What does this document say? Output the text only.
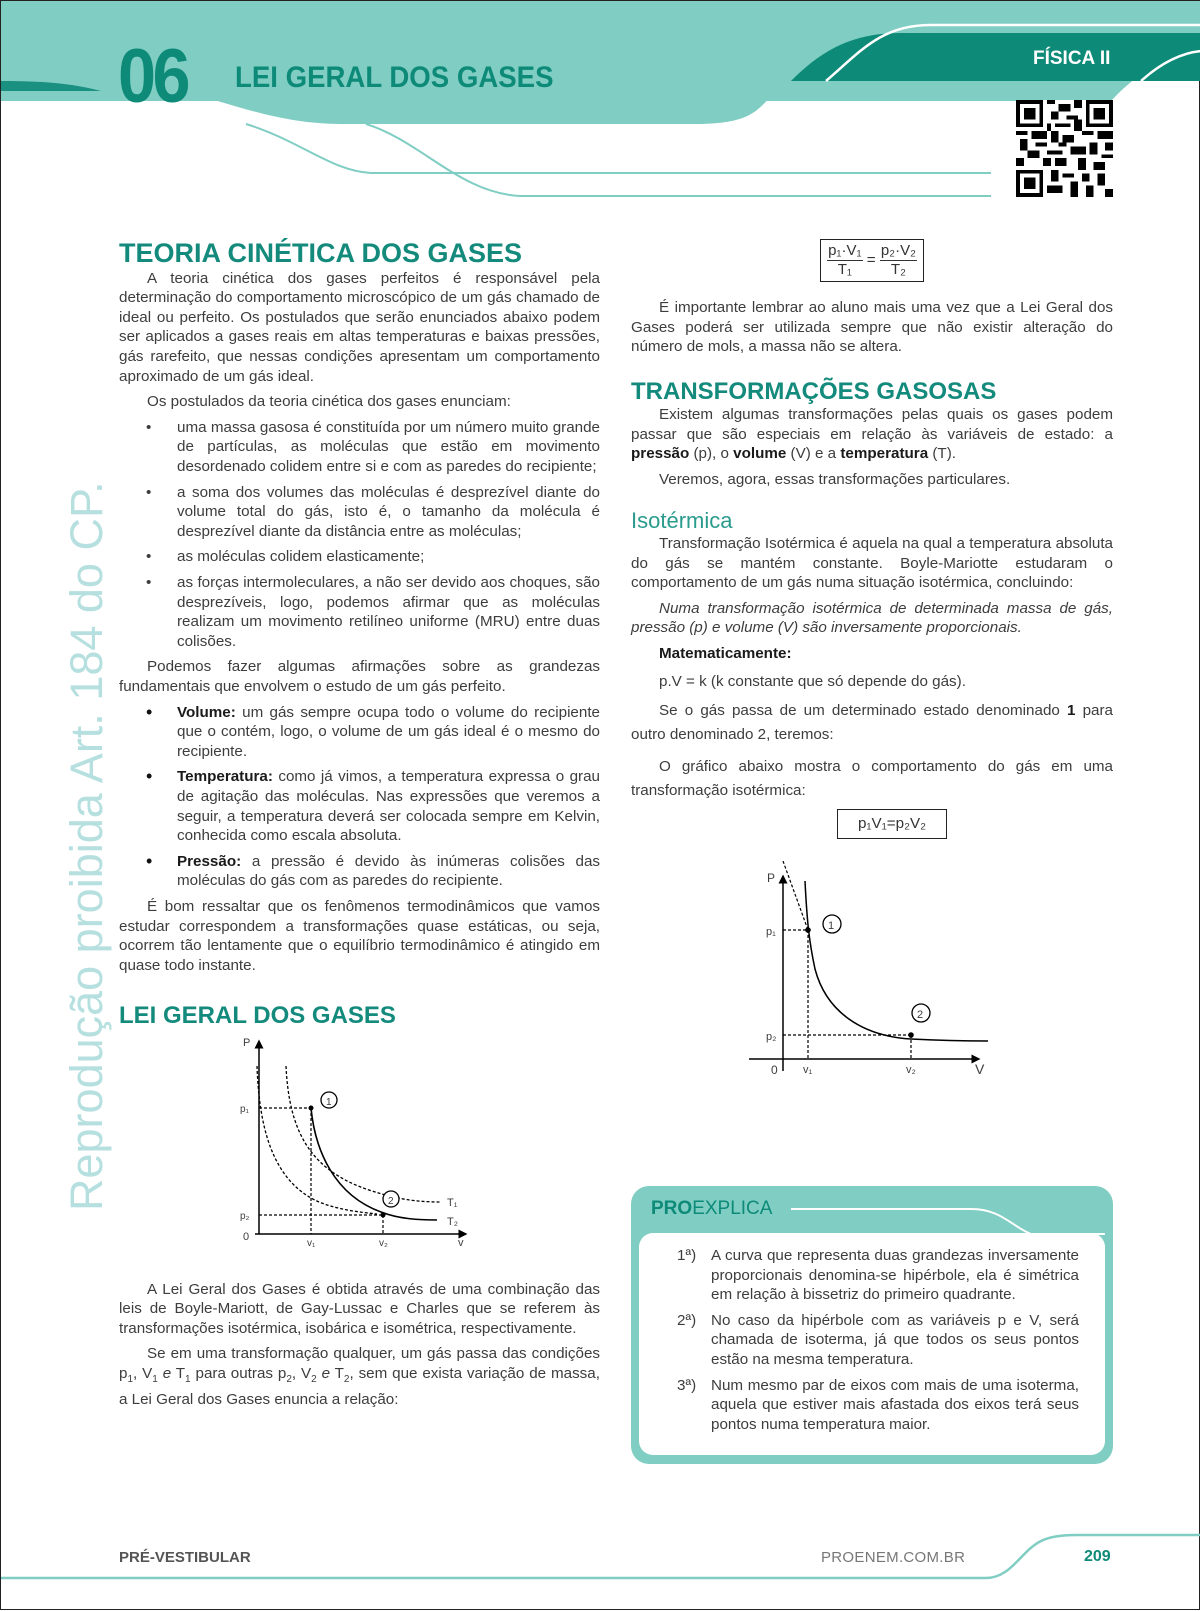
06 LEI GERAL DOS GASES
FÍSICA II
Reprodução proibida Art. 184 do CP.
TEORIA CINÉTICA DOS GASES

A teoria cinética dos gases perfeitos é responsável pela determinação do comportamento microscópico de um gás chamado de ideal ou perfeito. Os postulados que serão enunciados abaixo podem ser aplicados a gases reais em altas temperaturas e baixas pressões, gás rarefeito, que nessas condições apresentam um comportamento aproximado de um gás ideal.

Os postulados da teoria cinética dos gases enunciam:

• uma massa gasosa é constituída por um número muito grande de partículas, as moléculas que estão em movimento desordenado colidem entre si e com as paredes do recipiente;
• a soma dos volumes das moléculas é desprezível diante do volume total do gás, isto é, o tamanho da molécula é desprezível diante da distância entre as moléculas;
• as moléculas colidem elasticamente;
• as forças intermoleculares, a não ser devido aos choques, são desprezíveis, logo, podemos afirmar que as moléculas realizam um movimento retilíneo uniforme (MRU) entre duas colisões.

Podemos fazer algumas afirmações sobre as grandezas fundamentais que envolvem o estudo de um gás perfeito.

• Volume: um gás sempre ocupa todo o volume do recipiente que o contém, logo, o volume de um gás ideal é o mesmo do recipiente.
• Temperatura: como já vimos, a temperatura expressa o grau de agitação das moléculas. Nas expressões que veremos a seguir, a temperatura deverá ser colocada sempre em Kelvin, conhecida como escala absoluta.
• Pressão: a pressão é devido às inúmeras colisões das moléculas do gás com as paredes do recipiente.

É bom ressaltar que os fenômenos termodinâmicos que vamos estudar correspondem a transformações quase estáticas, ou seja, ocorrem tão lentamente que o equilíbrio termodinâmico é atingido em quase todo instante.

LEI GERAL DOS GASES
P
p₁
p₂
0
v₁	v₂	v
T₁
T₂
1
2

A Lei Geral dos Gases é obtida através de uma combinação das leis de Boyle-Mariott, de Gay-Lussac e Charles que se referem às transformações isotérmica, isobárica e isométrica, respectivamente.

Se em uma transformação qualquer, um gás passa das condições $p_1$, $V_1$ e $T_1$ para outras $p_2$, $V_2$ e $T_2$, sem que exista variação de massa, a Lei Geral dos Gases enuncia a relação:

$\frac{\text{p₁·V₁}}{\text{T₁}} = \frac{\text{p₂·V₂}}{\text{T₂}}$

É importante lembrar ao aluno mais uma vez que a Lei Geral dos Gases poderá ser utilizada sempre que não existir alteração do número de mols, a massa não se altera.

TRANSFORMAÇÕES GASOSAS

Existem algumas transformações pelas quais os gases podem passar que são especiais em relação às variáveis de estado: a pressão (p), o volume (V) e a temperatura (T).

Veremos, agora, essas transformações particulares.

Isotérmica

Transformação Isotérmica é aquela na qual a temperatura absoluta do gás se mantém constante. Boyle-Mariotte estudaram o comportamento de um gás numa situação isotérmica, concluindo:

Numa transformação isotérmica de determinada massa de gás, pressão (p) e volume (V) são inversamente proporcionais.

Matematicamente:

p.V = k (k constante que só depende do gás).

Se o gás passa de um determinado estado denominado 1 para outro denominado 2, teremos:

O gráfico abaixo mostra o comportamento do gás em uma transformação isotérmica:

p₁V₁=p₂V₂
P
p₁
p₂
0 v₁	v₂	V
1
2
PROEXPLICA
1ª) A curva que representa duas grandezas inversamente proporcionais denomina-se hipérbole, ela é simétrica em relação à bissetriz do primeiro quadrante.
2ª) No caso da hipérbole com as variáveis p e V, será chamada de isoterma, já que todos os seus pontos estão na mesma temperatura.
3ª) Num mesmo par de eixos com mais de uma isoterma, aquela que estiver mais afastada dos eixos terá seus pontos numa temperatura maior.
PRÉ-VESTIBULAR	PROENEM.COM.BR	209
